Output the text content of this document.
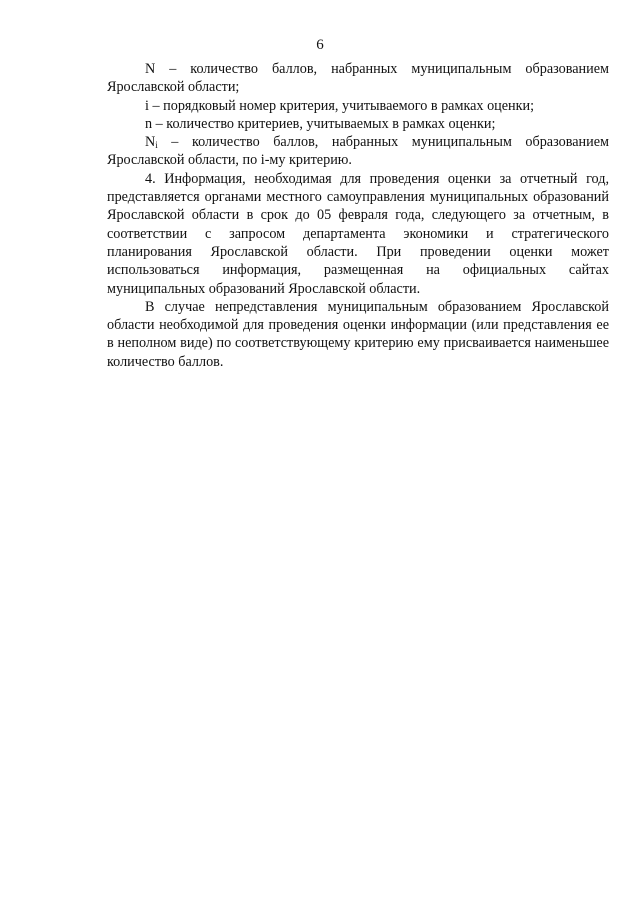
6

N – количество баллов, набранных муниципальным образованием Ярославской области;

i – порядковый номер критерия, учитываемого в рамках оценки;

n – количество критериев, учитываемых в рамках оценки;

$N_i$ – количество баллов, набранных муниципальным образованием Ярославской области, по i-му критерию.

4. Информация, необходимая для проведения оценки за отчетный год, представляется органами местного самоуправления муниципальных образований Ярославской области в срок до 05 февраля года, следующего за отчетным, в соответствии с запросом департамента экономики и стратегического планирования Ярославской области. При проведении оценки может использоваться информация, размещенная на официальных сайтах муниципальных образований Ярославской области.

В случае непредставления муниципальным образованием Ярославской области необходимой для проведения оценки информации (или представления ее в неполном виде) по соответствующему критерию ему присваивается наименьшее количество баллов.
